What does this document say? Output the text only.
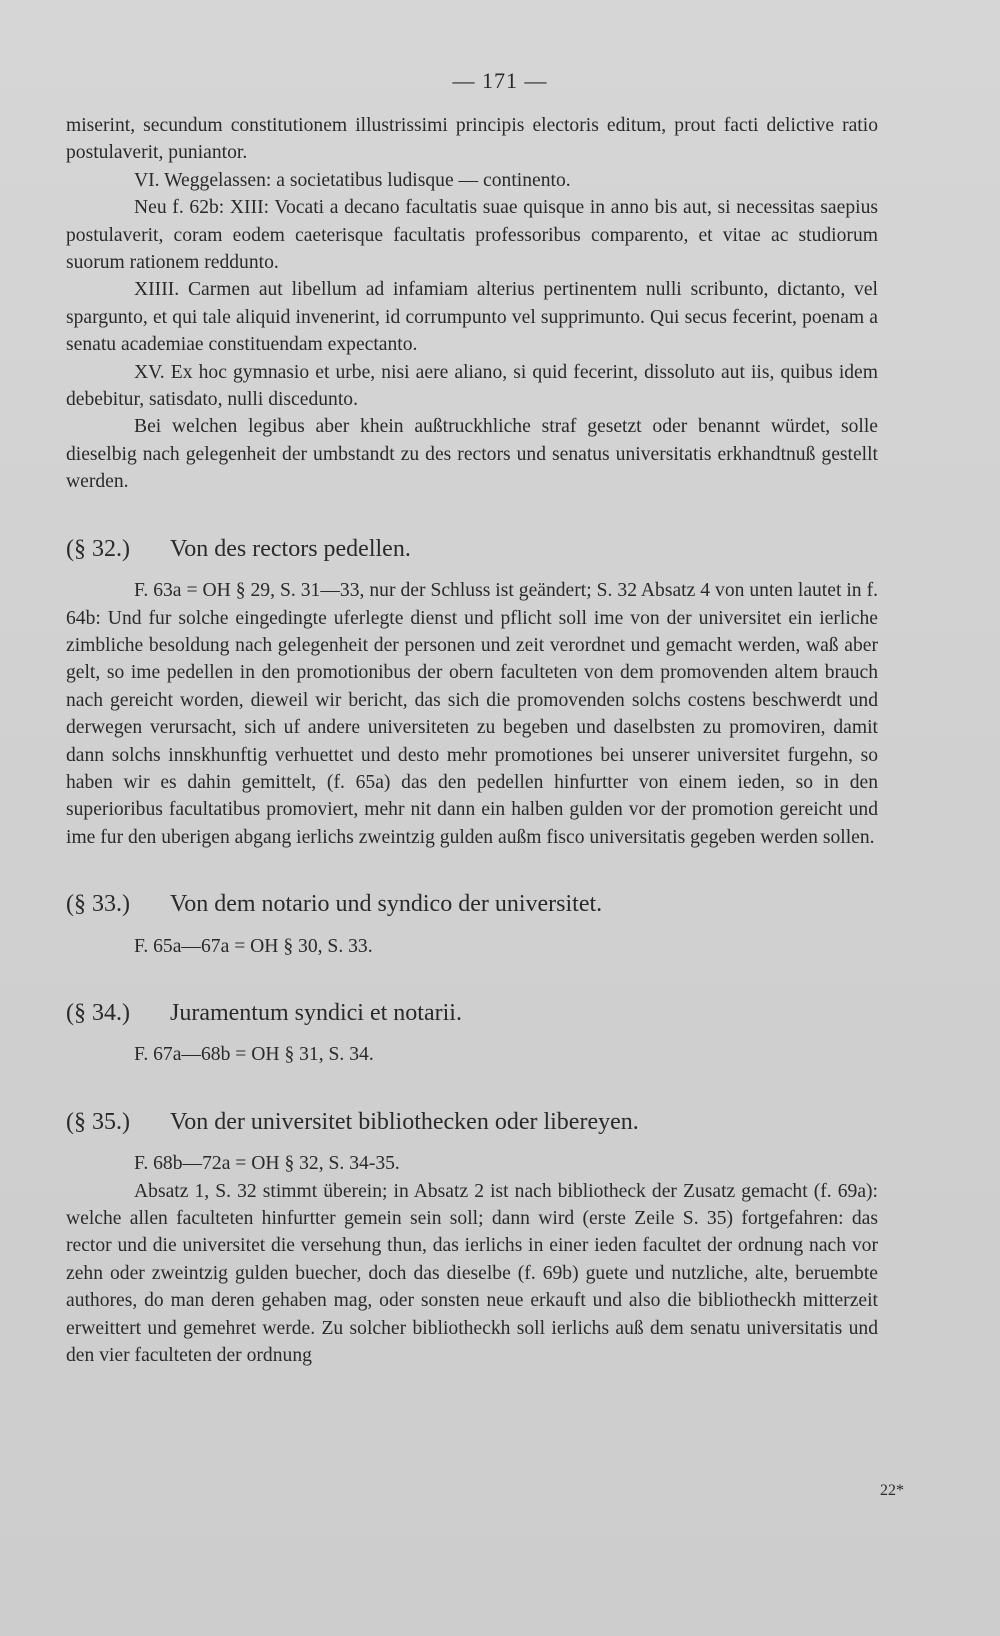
— 171 —

miserint, secundum constitutionem illustrissimi principis electoris editum, prout facti delictive ratio postulaverit, puniantor.

VI. Weggelassen: a societatibus ludisque — continento.

Neu f. 62b: XIII: Vocati a decano facultatis suae quisque in anno bis aut, si necessitas saepius postulaverit, coram eodem caeterisque facultatis professoribus comparento, et vitae ac studiorum suorum rationem reddunto.

XIIII. Carmen aut libellum ad infamiam alterius pertinentem nulli scribunto, dictanto, vel spargunto, et qui tale aliquid invenerint, id corrumpunto vel supprimunto. Qui secus fecerint, poenam a senatu academiae constituendam expectanto.

XV. Ex hoc gymnasio et urbe, nisi aere aliano, si quid fecerint, dissoluto aut iis, quibus idem debebitur, satisdato, nulli discedunto.

Bei welchen legibus aber khein außtruckhliche straf gesetzt oder benannt würdet, solle dieselbig nach gelegenheit der umbstandt zu des rectors und senatus universitatis erkhandtnuß gestellt werden.

(§ 32.) Von des rectors pedellen.

F. 63a = OH § 29, S. 31—33, nur der Schluss ist geändert; S. 32 Absatz 4 von unten lautet in f. 64b: Und fur solche eingedingte uferlegte dienst und pflicht soll ime von der universitet ein ierliche zimbliche besoldung nach gelegenheit der personen und zeit verordnet und gemacht werden, waß aber gelt, so ime pedellen in den promotionibus der obern faculteten von dem promovenden altem brauch nach gereicht worden, dieweil wir bericht, das sich die promovenden solchs costens beschwerdt und derwegen verursacht, sich uf andere universiteten zu begeben und daselbsten zu promoviren, damit dann solchs innskhunftig verhuettet und desto mehr promotiones bei unserer universitet furgehn, so haben wir es dahin gemittelt, (f. 65a) das den pedellen hinfurtter von einem ieden, so in den superioribus facultatibus promoviert, mehr nit dann ein halben gulden vor der promotion gereicht und ime fur den uberigen abgang ierlichs zweintzig gulden außm fisco universitatis gegeben werden sollen.

(§ 33.) Von dem notario und syndico der universitet.

F. 65a—67a = OH § 30, S. 33.

(§ 34.) Juramentum syndici et notarii.

F. 67a—68b = OH § 31, S. 34.

(§ 35.) Von der universitet bibliothecken oder libereyen.

F. 68b—72a = OH § 32, S. 34-35.

Absatz 1, S. 32 stimmt überein; in Absatz 2 ist nach bibliotheck der Zusatz gemacht (f. 69a): welche allen faculteten hinfurtter gemein sein soll; dann wird (erste Zeile S. 35) fortgefahren: das rector und die universitet die versehung thun, das ierlichs in einer ieden facultet der ordnung nach vor zehn oder zweintzig gulden buecher, doch das dieselbe (f. 69b) guete und nutzliche, alte, beruembte authores, do man deren gehaben mag, oder sonsten neue erkauft und also die bibliotheckh mitterzeit erweittert und gemehret werde. Zu solcher bibliotheckh soll ierlichs auß dem senatu universitatis und den vier faculteten der ordnung

22*
